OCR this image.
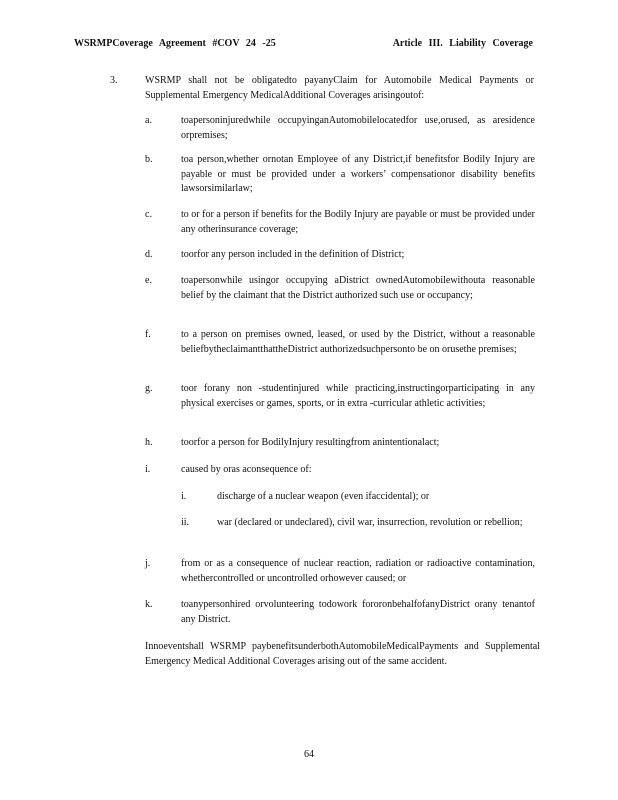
WSRMPCoverage Agreement #COV 24 -25	Article III. Liability Coverage
3.	WSRMP shall not be obligatedto payanyClaim for Automobile Medical Payments or Supplemental Emergency MedicalAdditional Coverages arisingoutof:
a.	toapersoninjuredwhile occupyinganAutomobilelocatedfor use,orused, as aresidence orpremises;
b.	toa person,whether ornotan Employee of any District,if benefitsfor Bodily Injury are payable or must be provided under a workers’ compensationor disability benefits lawsorsimilarlaw;
c.	to or for a person if benefits for the Bodily Injury are payable or must be provided under any otherinsurance coverage;
d.	toorfor any person included in the definition of District;
e.	toapersonwhile usingor occupying aDistrict ownedAutomobilewithouta reasonable belief by the claimant that the District authorized such use or occupancy;
f.	to a person on premises owned, leased, or used by the District, without a reasonable beliefbytheclaimantthattheDistrict authorizedsuchpersonto be on orusethe premises;
g.	toor forany non -studentinjured while practicing,instructingorparticipating in any physical exercises or games, sports, or in extra -curricular athletic activities;
h.	toorfor a person for BodilyInjury resultingfrom anintentionalact;
i.	caused by oras aconsequence of:
i.	discharge of a nuclear weapon (even ifaccidental); or
ii.	war (declared or undeclared), civil war, insurrection, revolution or rebellion;
j.	from or as a consequence of nuclear reaction, radiation or radioactive contamination, whethercontrolled or uncontrolled orhowever caused; or
k.	toanypersonhired orvolunteering todowork fororonbehalfofanyDistrict orany tenantof any District.
Innoeventshall WSRMP paybenefitsunderbothAutomobileMedicalPayments and Supplemental Emergency Medical Additional Coverages arising out of the same accident.
64
